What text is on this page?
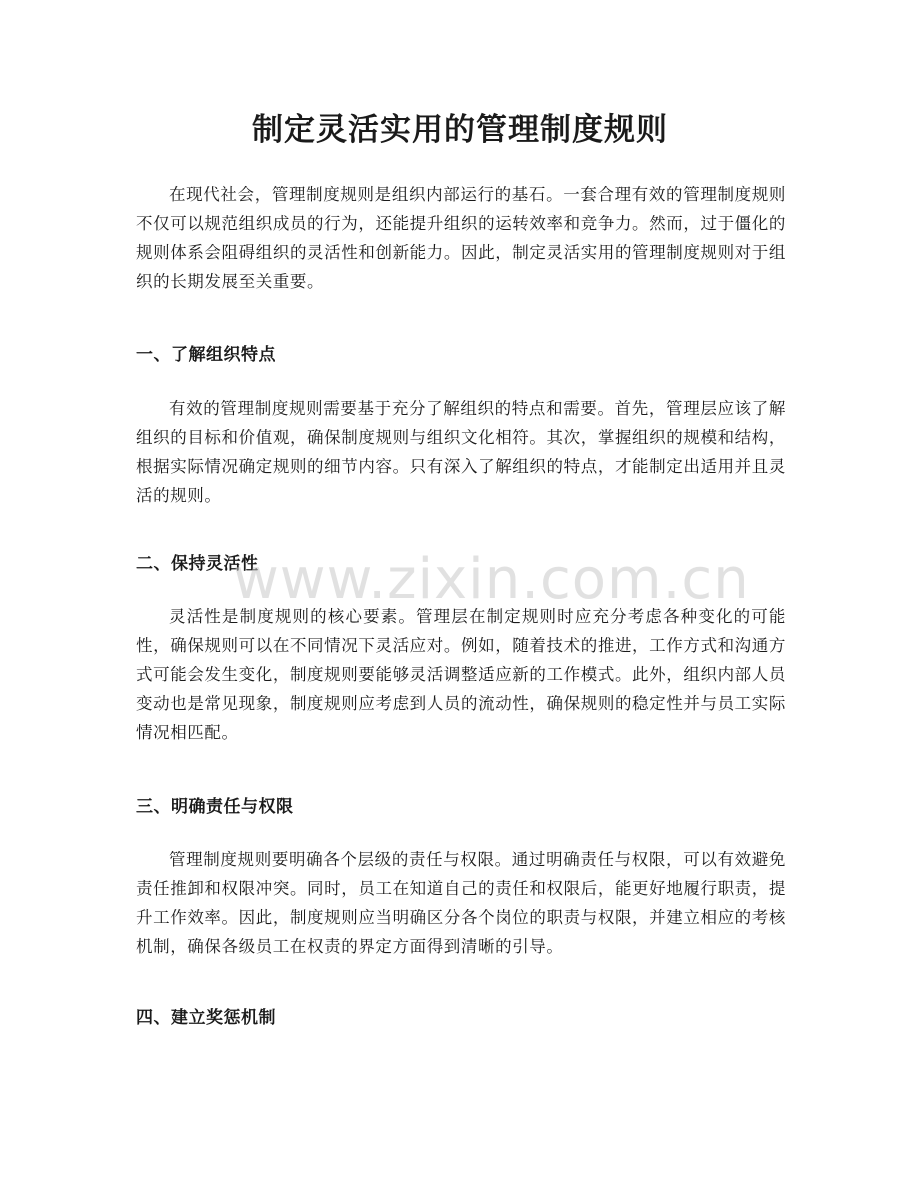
制定灵活实用的管理制度规则

在现代社会，管理制度规则是组织内部运行的基石。一套合理有效的管理制度规则不仅可以规范组织成员的行为，还能提升组织的运转效率和竞争力。然而，过于僵化的规则体系会阻碍组织的灵活性和创新能力。因此，制定灵活实用的管理制度规则对于组织的长期发展至关重要。

一、了解组织特点

有效的管理制度规则需要基于充分了解组织的特点和需要。首先，管理层应该了解组织的目标和价值观，确保制度规则与组织文化相符。其次，掌握组织的规模和结构，根据实际情况确定规则的细节内容。只有深入了解组织的特点，才能制定出适用并且灵活的规则。

二、保持灵活性

灵活性是制度规则的核心要素。管理层在制定规则时应充分考虑各种变化的可能性，确保规则可以在不同情况下灵活应对。例如，随着技术的推进，工作方式和沟通方式可能会发生变化，制度规则要能够灵活调整适应新的工作模式。此外，组织内部人员变动也是常见现象，制度规则应考虑到人员的流动性，确保规则的稳定性并与员工实际情况相匹配。

三、明确责任与权限

管理制度规则要明确各个层级的责任与权限。通过明确责任与权限，可以有效避免责任推卸和权限冲突。同时，员工在知道自己的责任和权限后，能更好地履行职责，提升工作效率。因此，制度规则应当明确区分各个岗位的职责与权限，并建立相应的考核机制，确保各级员工在权责的界定方面得到清晰的引导。

四、建立奖惩机制
www.zixin.com.cn
